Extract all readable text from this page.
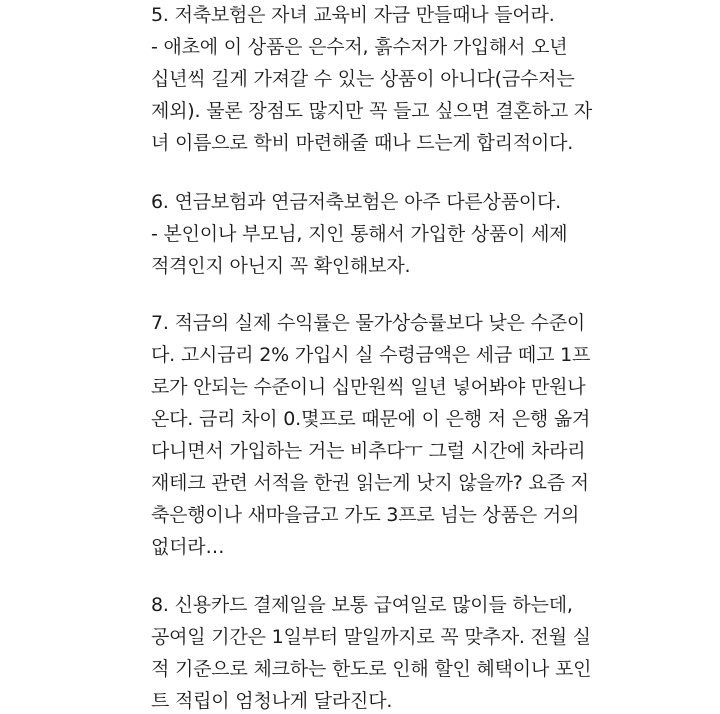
5. 저축보험은 자녀 교육비 자금 만들때나 들어라.
- 애초에 이 상품은 은수저, 흙수저가 가입해서 오년
십년씩 길게 가져갈 수 있는 상품이 아니다(금수저는
제외). 물론 장점도 많지만 꼭 들고 싶으면 결혼하고 자
녀 이름으로 학비 마련해줄 때나 드는게 합리적이다.
6. 연금보험과 연금저축보험은 아주 다른상품이다.
- 본인이나 부모님, 지인 통해서 가입한 상품이 세제
적격인지 아닌지 꼭 확인해보자.
7. 적금의 실제 수익률은 물가상승률보다 낮은 수준이
다. 고시금리 2% 가입시 실 수령금액은 세금 떼고 1프
로가 안되는 수준이니 십만원씩 일년 넣어봐야 만원나
온다. 금리 차이 0.몇프로 때문에 이 은행 저 은행 옮겨
다니면서 가입하는 거는 비추다ㅜ 그럴 시간에 차라리
재테크 관련 서적을 한권 읽는게 낫지 않을까? 요즘 저
축은행이나 새마을금고 가도 3프로 넘는 상품은 거의
없더라…
8. 신용카드 결제일을 보통 급여일로 많이들 하는데,
공여일 기간은 1일부터 말일까지로 꼭 맞추자. 전월 실
적 기준으로 체크하는 한도로 인해 할인 혜택이나 포인
트 적립이 엄청나게 달라진다.
